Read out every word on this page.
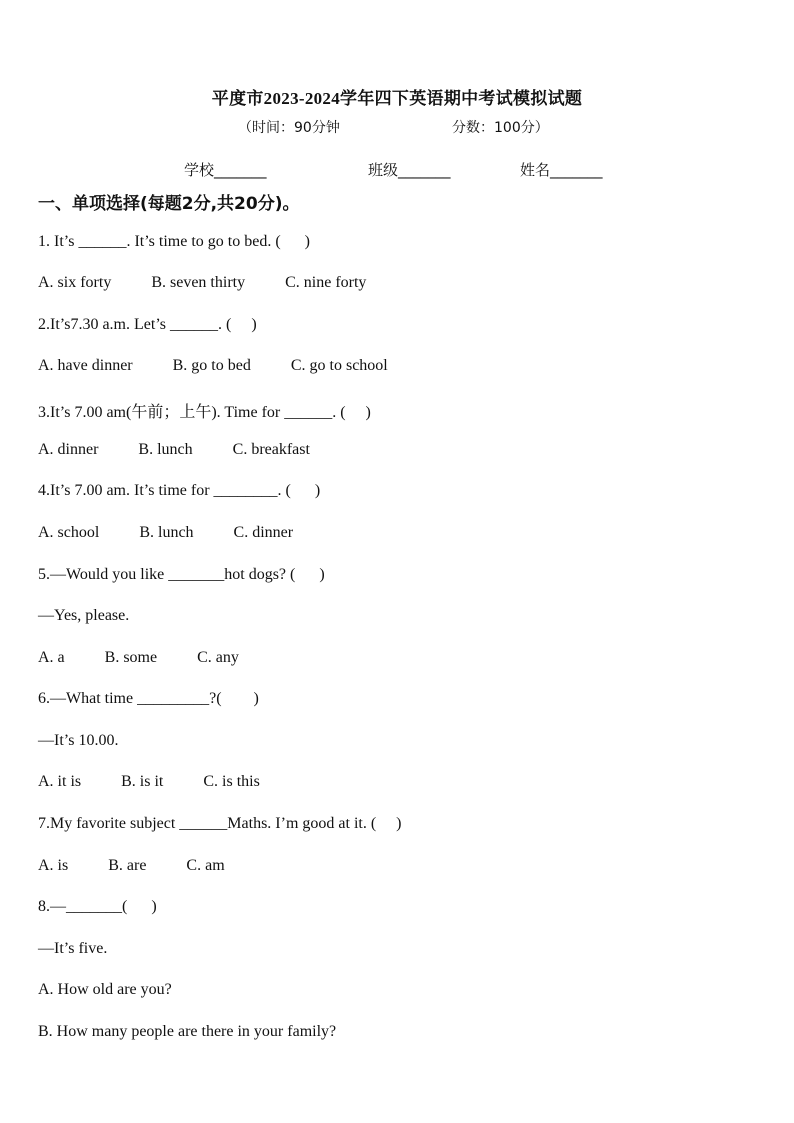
平度市2023-2024学年四下英语期中考试模拟试题
（时间：90分钟	分数：100分）
学校_______	班级_______	姓名_______
一、单项选择(每题2分,共20分)。
1. It’s ______. It’s time to go to bed. (      )
A. six forty          B. seven thirty          C. nine forty
2.It’s7.30 a.m. Let’s ______. (     )
A. have dinner          B. go to bed          C. go to school
3.It’s 7.00 am(午前；上午). Time for ______. (     )
A. dinner          B. lunch          C. breakfast
4.It’s 7.00 am. It’s time for ________. (      )
A. school          B. lunch          C. dinner
5.—Would you like _______hot dogs? (      )
—Yes, please.
A. a          B. some          C. any
6.—What time _________?(        )
—It’s 10.00.
A. it is          B. is it          C. is this
7.My favorite subject ______Maths. I’m good at it. (     )
A. is          B. are          C. am
8.—_______(      )
—It’s five.
A. How old are you?
B. How many people are there in your family?
